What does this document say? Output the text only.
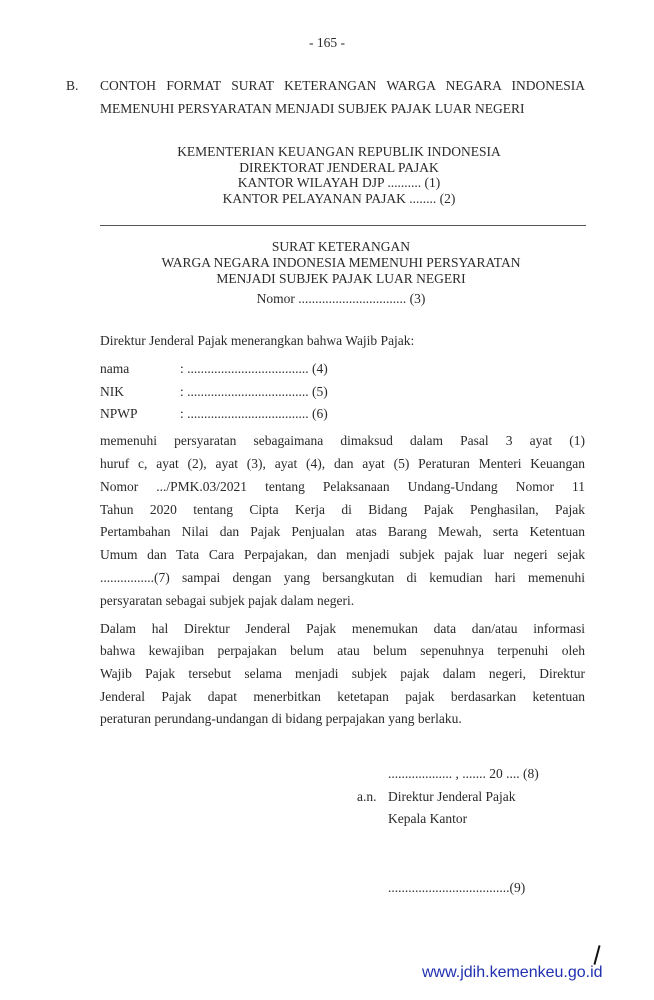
- 165 -
B. CONTOH FORMAT SURAT KETERANGAN WARGA NEGARA INDONESIA
MEMENUHI PERSYARATAN MENJADI SUBJEK PAJAK LUAR NEGERI
KEMENTERIAN KEUANGAN REPUBLIK INDONESIA
DIREKTORAT JENDERAL PAJAK
KANTOR WILAYAH DJP .......... (1)
KANTOR PELAYANAN PAJAK ........ (2)
SURAT KETERANGAN
WARGA NEGARA INDONESIA MEMENUHI PERSYARATAN
MENJADI SUBJEK PAJAK LUAR NEGERI
Nomor ................................ (3)
Direktur Jenderal Pajak menerangkan bahwa Wajib Pajak:
nama	: .................................... (4)
NIK	: .................................... (5)
NPWP	: .................................... (6)
memenuhi persyaratan sebagaimana dimaksud dalam Pasal 3 ayat (1)
huruf c, ayat (2), ayat (3), ayat (4), dan ayat (5) Peraturan Menteri Keuangan
Nomor .../PMK.03/2021 tentang Pelaksanaan Undang-Undang Nomor 11
Tahun 2020 tentang Cipta Kerja di Bidang Pajak Penghasilan, Pajak
Pertambahan Nilai dan Pajak Penjualan atas Barang Mewah, serta Ketentuan
Umum dan Tata Cara Perpajakan, dan menjadi subjek pajak luar negeri sejak
................(7) sampai dengan yang bersangkutan di kemudian hari memenuhi
persyaratan sebagai subjek pajak dalam negeri.
Dalam hal Direktur Jenderal Pajak menemukan data dan/atau informasi
bahwa kewajiban perpajakan belum atau belum sepenuhnya terpenuhi oleh
Wajib Pajak tersebut selama menjadi subjek pajak dalam negeri, Direktur
Jenderal Pajak dapat menerbitkan ketetapan pajak berdasarkan ketentuan
peraturan perundang-undangan di bidang perpajakan yang berlaku.
................... , ....... 20 .... (8)
a.n. Direktur Jenderal Pajak
Kepala Kantor
....................................(9)
www.jdih.kemenkeu.go.id
